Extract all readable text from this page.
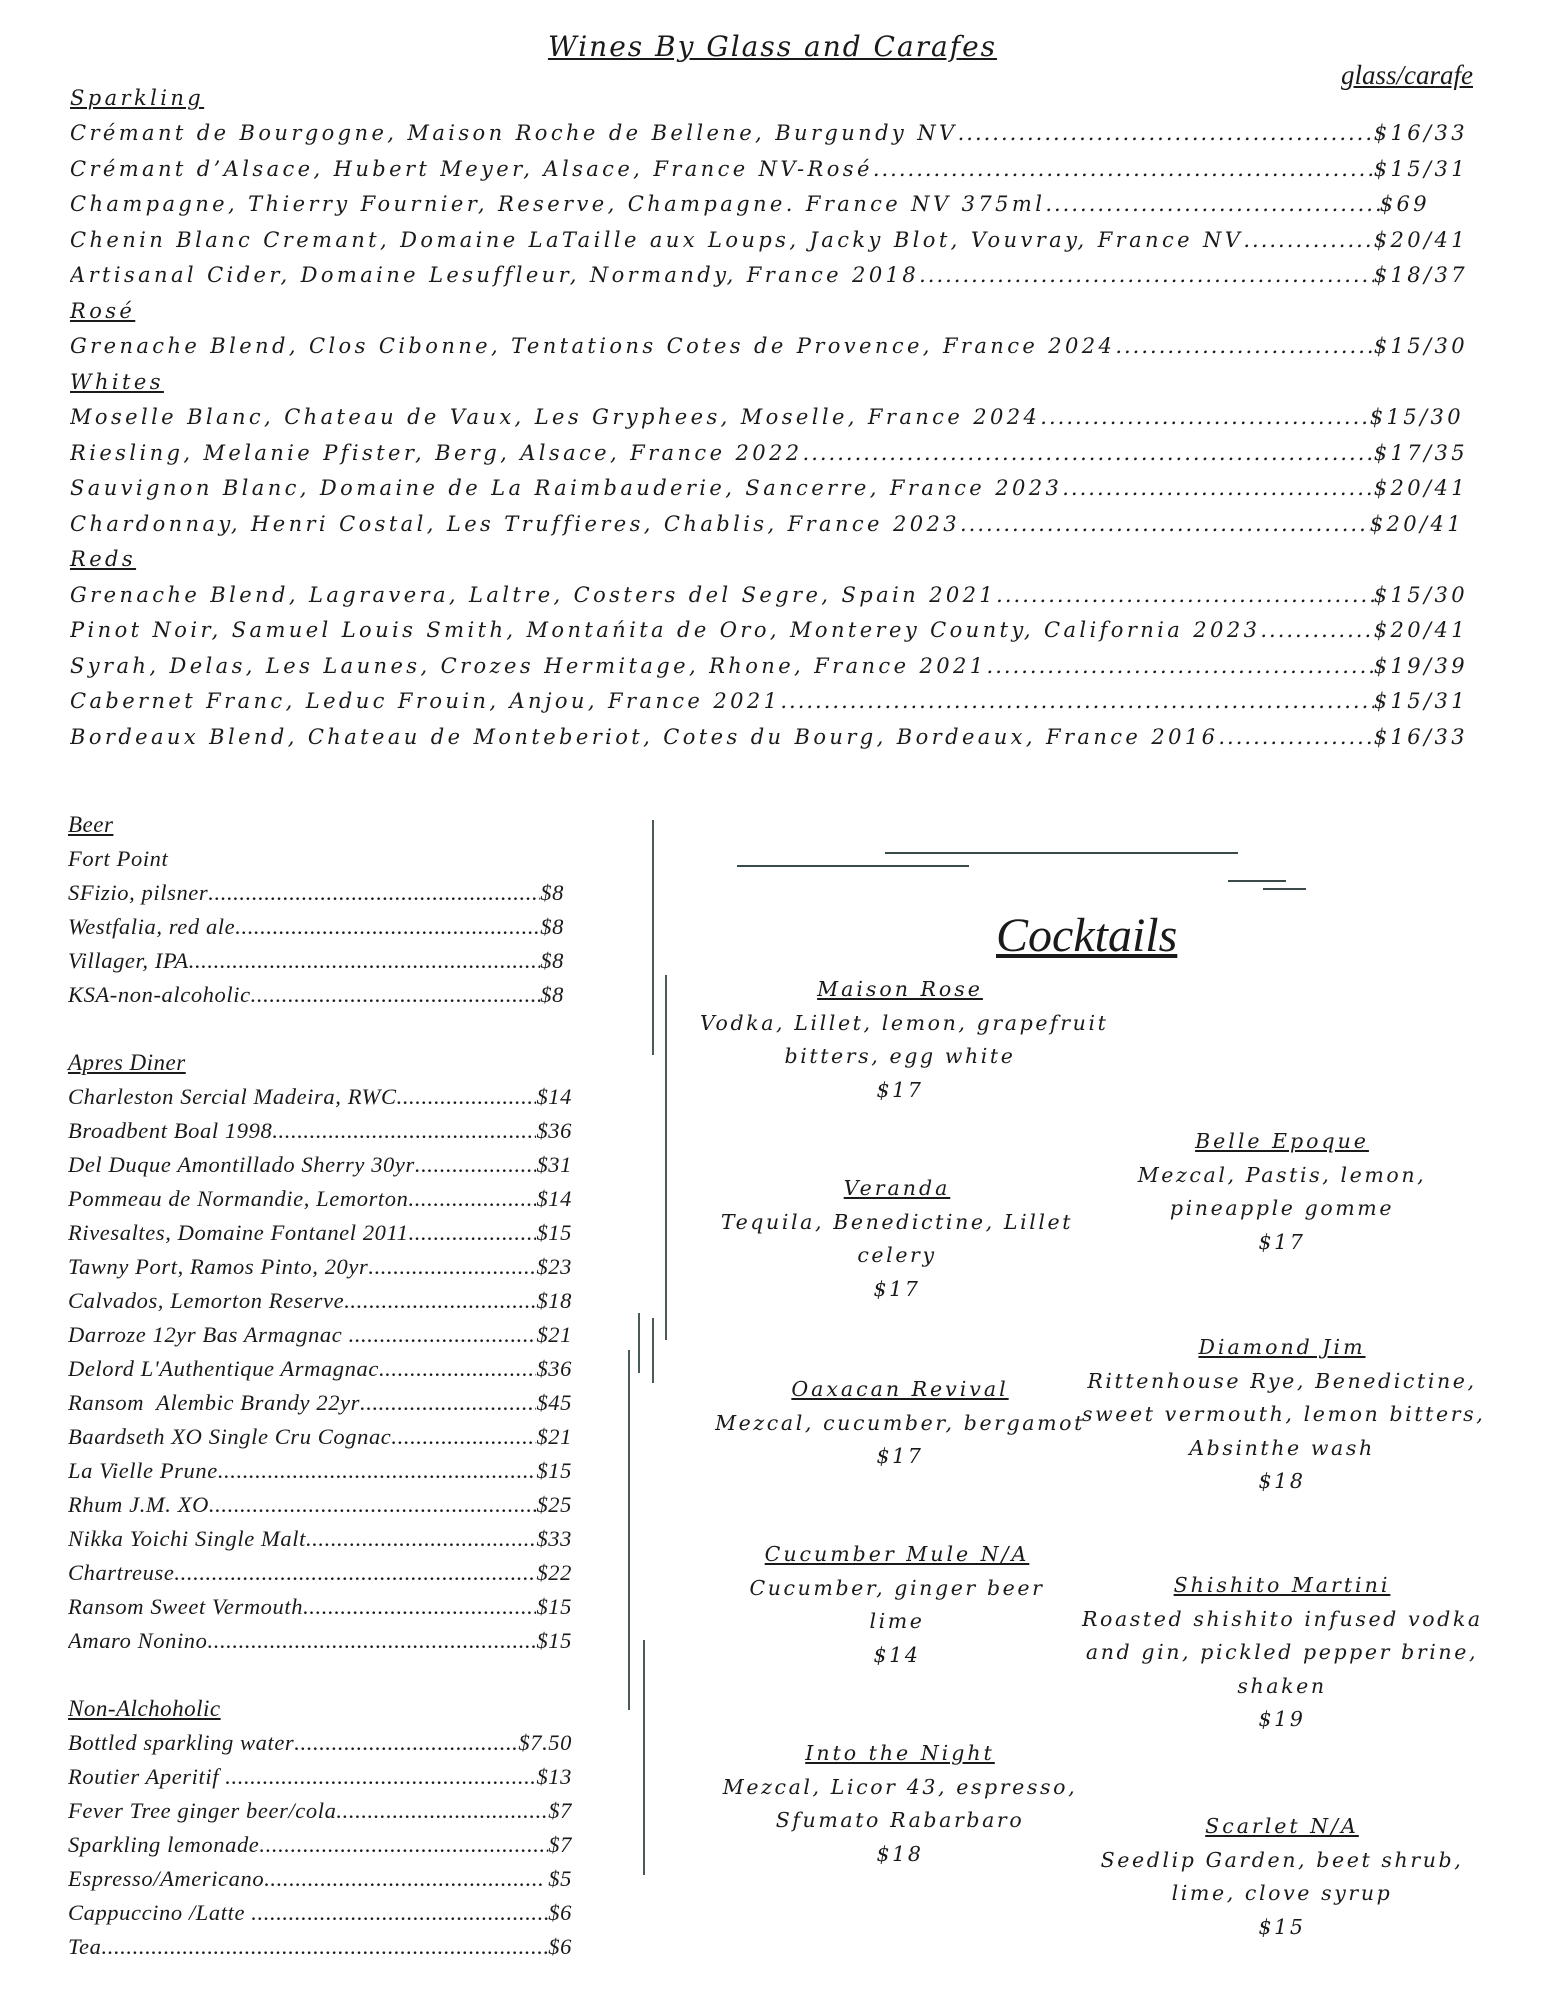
Wines By Glass and Carafes
glass/carafe
Sparkling
Crémant de Bourgogne, Maison Roche de Bellene, Burgundy NV .....	$16/33
Crémant d’Alsace, Hubert Meyer, Alsace, France NV-Rosé .....	$15/31
Champagne, Thierry Fournier, Reserve, Champagne. France NV 375ml .....	$69
Chenin Blanc Cremant, Domaine LaTaille aux Loups, Jacky Blot, Vouvray, France NV .....	$20/41
Artisanal Cider, Domaine Lesuffleur, Normandy, France 2018 .....	$18/37
Rosé
Grenache Blend, Clos Cibonne, Tentations Cotes de Provence, France 2024 .....	$15/30
Whites
Moselle Blanc, Chateau de Vaux, Les Gryphees, Moselle, France 2024 .....	$15/30
Riesling, Melanie Pfister, Berg, Alsace, France 2022 .....	$17/35
Sauvignon Blanc, Domaine de La Raimbauderie, Sancerre, France 2023 .....	$20/41
Chardonnay, Henri Costal, Les Truffieres, Chablis, France 2023 .....	$20/41
Reds
Grenache Blend, Lagravera, Laltre, Costers del Segre, Spain 2021 .....	$15/30
Pinot Noir, Samuel Louis Smith, Montańita de Oro, Monterey County, California 2023 .....	$20/41
Syrah, Delas, Les Launes, Crozes Hermitage, Rhone, France 2021 .....	$19/39
Cabernet Franc, Leduc Frouin, Anjou, France 2021 .....	$15/31
Bordeaux Blend, Chateau de Monteberiot, Cotes du Bourg, Bordeaux, France 2016 .....	$16/33
Beer
Fort Point
SFizio, pilsner .....	$8
Westfalia, red ale .....	$8
Villager, IPA .....	$8
KSA-non-alcoholic .....	$8
Apres Diner
Charleston Sercial Madeira, RWC .....	$14
Broadbent Boal 1998 .....	$36
Del Duque Amontillado Sherry 30yr .....	$31
Pommeau de Normandie, Lemorton .....	$14
Rivesaltes, Domaine Fontanel 2011 .....	$15
Tawny Port, Ramos Pinto, 20yr .....	$23
Calvados, Lemorton Reserve .....	$18
Darroze 12yr Bas Armagnac .....	$21
Delord L'Authentique Armagnac .....	$36
Ransom  Alembic Brandy 22yr .....	$45
Baardseth XO Single Cru Cognac .....	$21
La Vielle Prune .....	$15
Rhum J.M. XO .....	$25
Nikka Yoichi Single Malt .....	$33
Chartreuse .....	$22
Ransom Sweet Vermouth .....	$15
Amaro Nonino .....	$15
Non-Alchoholic
Bottled sparkling water .....	$7.50
Routier Aperitif .....	$13
Fever Tree ginger beer/cola .....	$7
Sparkling lemonade .....	$7
Espresso/Americano .....	$5
Cappuccino /Latte .....	$6
Tea .....	$6
Cocktails
Maison Rose
Vodka, Lillet, lemon, grapefruit
bitters, egg white
$17
Belle Epoque
Mezcal, Pastis, lemon,
pineapple gomme
$17
Veranda
Tequila, Benedictine, Lillet
celery
$17
Diamond Jim
Rittenhouse Rye, Benedictine,
sweet vermouth, lemon bitters,
Absinthe wash
$18
Oaxacan Revival
Mezcal, cucumber, bergamot
$17
Cucumber Mule N/A
Cucumber, ginger beer
lime
$14
Shishito Martini
Roasted shishito infused vodka
and gin, pickled pepper brine,
shaken
$19
Into the Night
Mezcal, Licor 43, espresso,
Sfumato Rabarbaro
$18
Scarlet N/A
Seedlip Garden, beet shrub,
lime, clove syrup
$15
